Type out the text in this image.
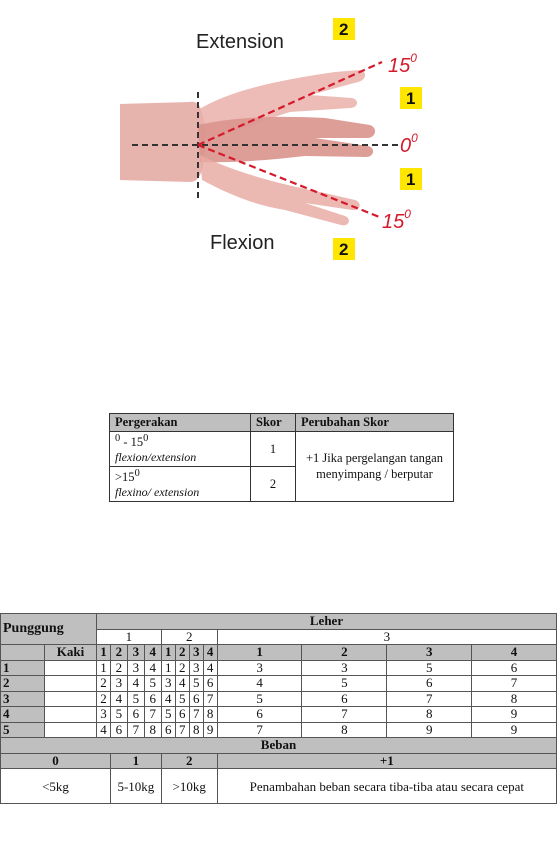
Extension
Flexion
$15^0$
$0^0$
$15^0$
2
1
1
2
Pergerakan	Skor	Perubahan Skor
$^0 - 15^0$
flexion/extension	1	+1 Jika pergelangan tangan menyimpang / berputar
$>15^0$
flexino/ extension	2	
Punggung		Leher											
		1				2				3			
	Kaki	1	2	3	4	1	2	3	4	1	2	3	4
1		1	2	3	4	1	2	3	4	3	3	5	6
2		2	3	4	5	3	4	5	6	4	5	6	7
3		2	4	5	6	4	5	6	7	5	6	7	8
4		3	5	6	7	5	6	7	8	6	7	8	9
5		4	6	7	8	6	7	8	9	7	8	9	9
Beban													
0			1			2				+1			
<5kg			5-10kg			>10kg				Penambahan beban secara tiba-tiba atau secara cepat			
